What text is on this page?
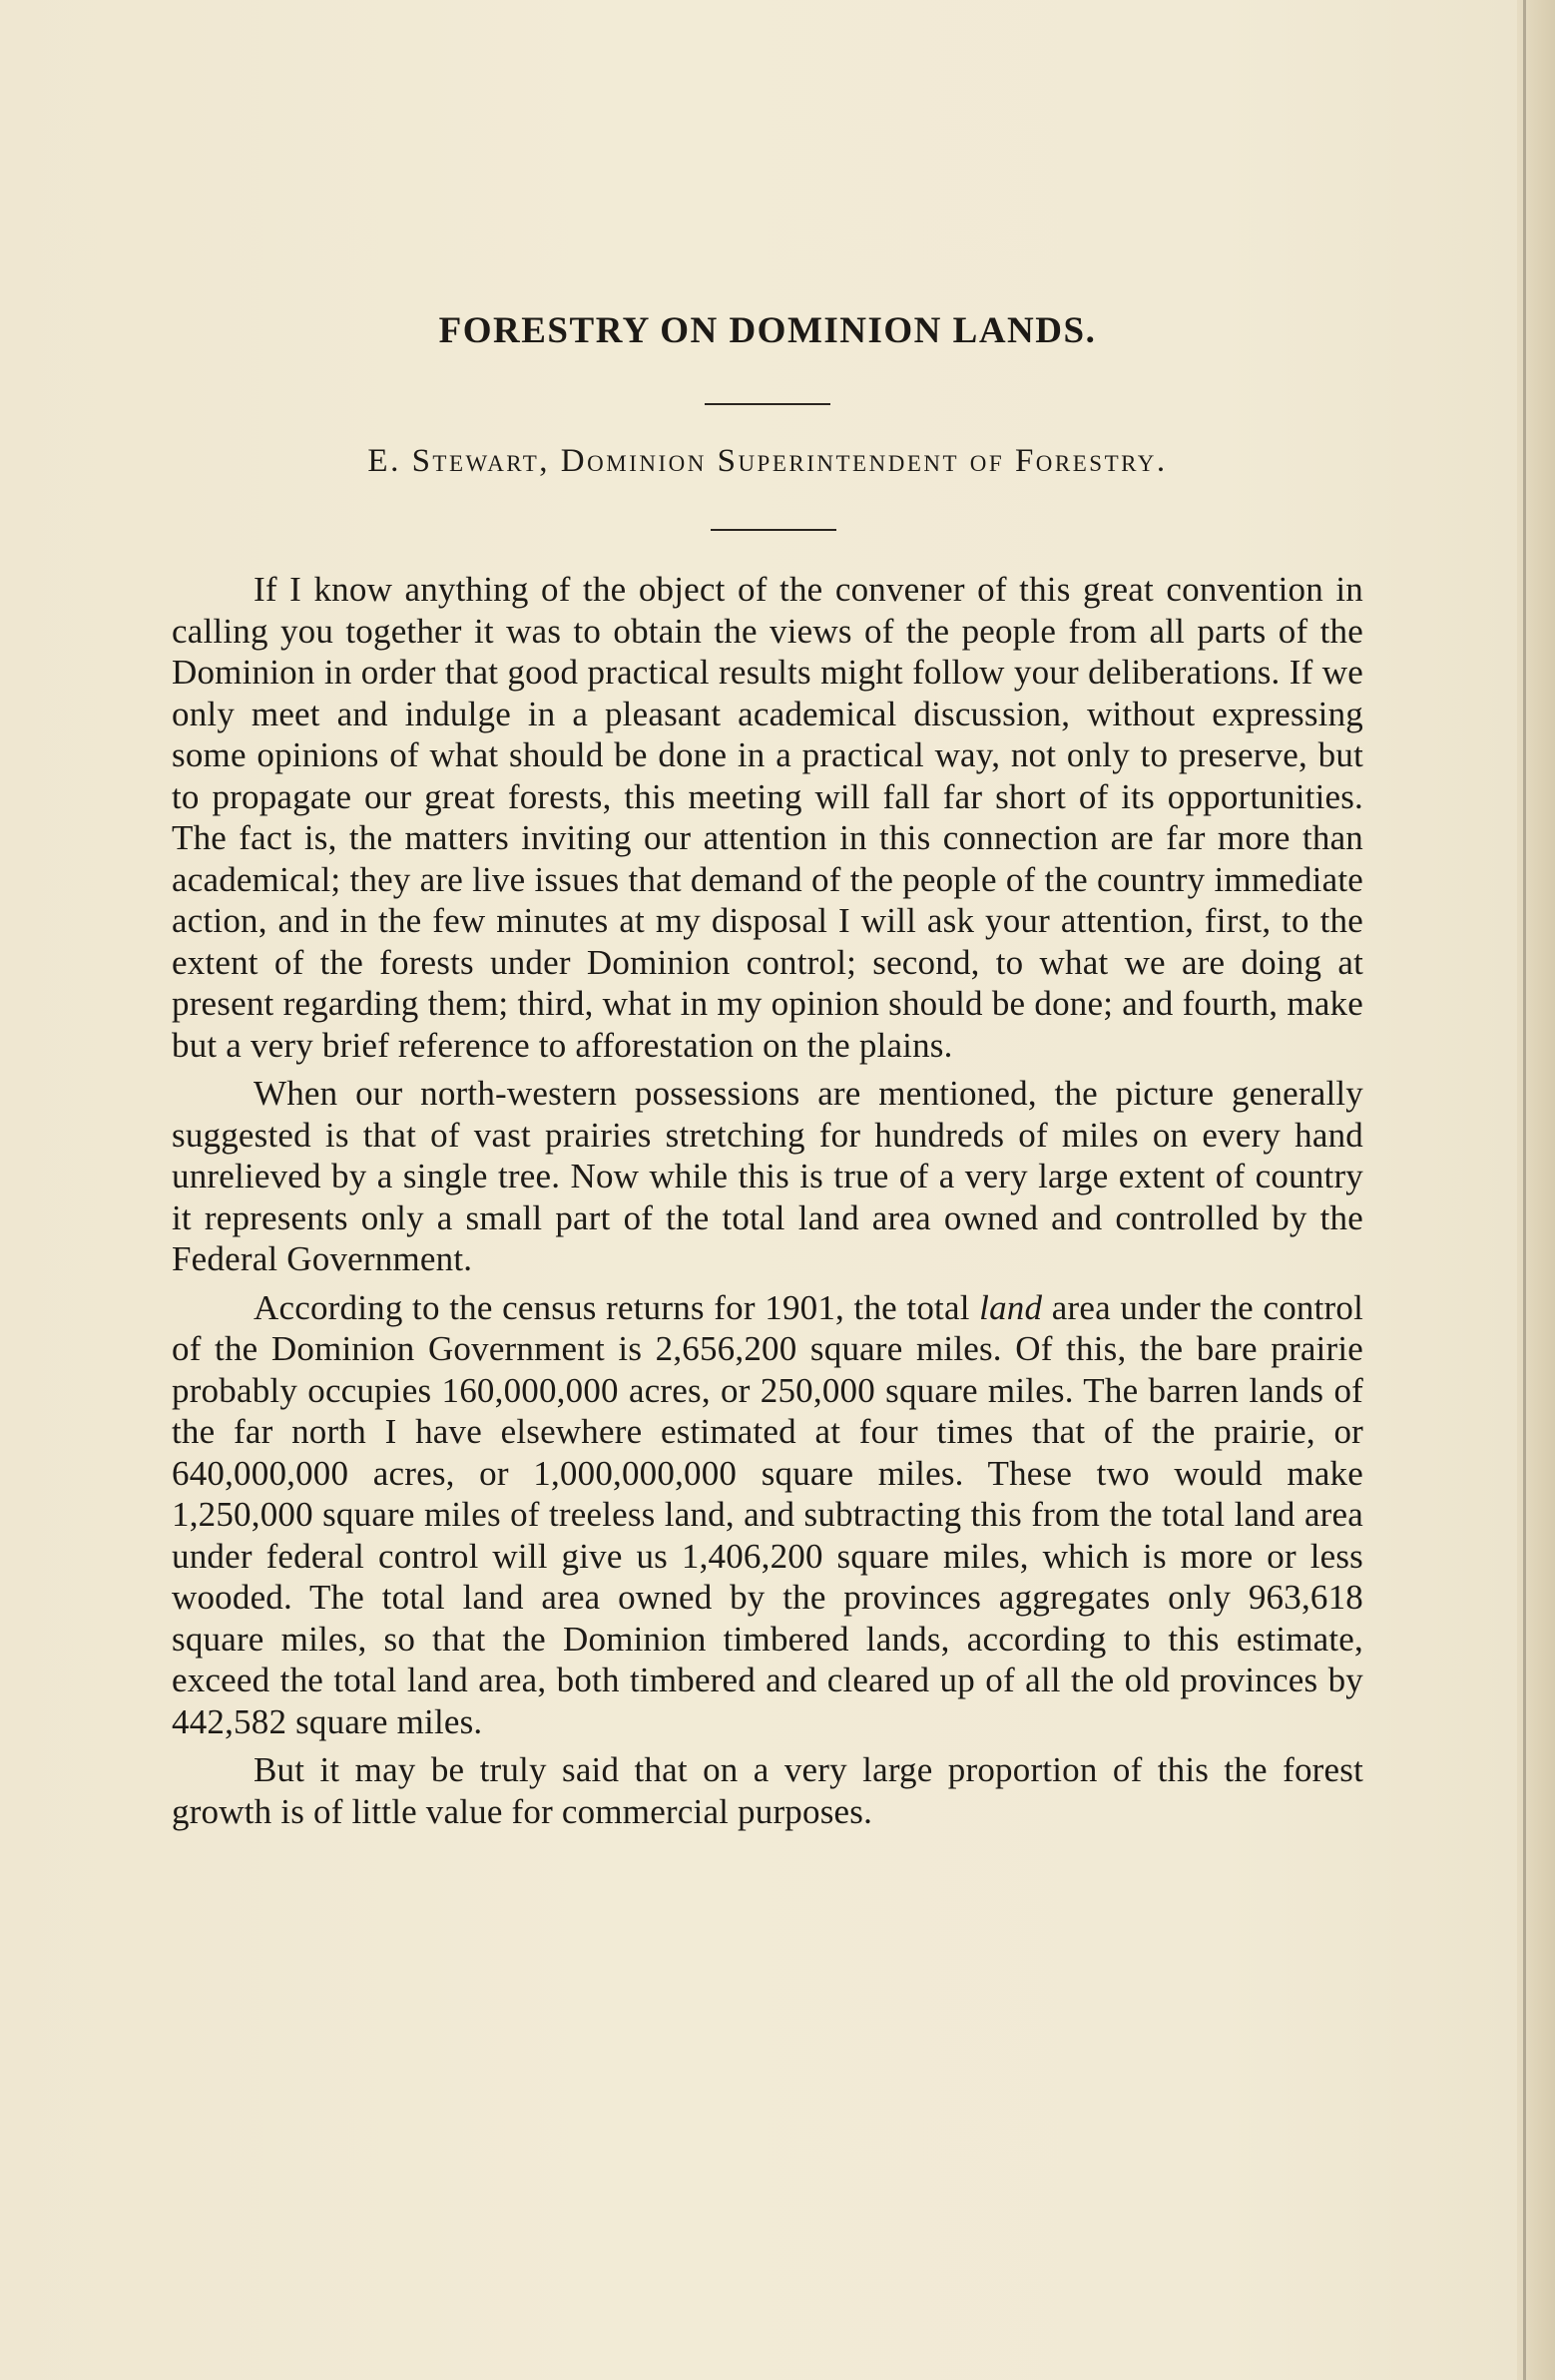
FORESTRY ON DOMINION LANDS.

E. Stewart, Dominion Superintendent of Forestry.

If I know anything of the object of the convener of this great convention in calling you together it was to obtain the views of the people from all parts of the Dominion in order that good practical results might follow your deliberations. If we only meet and indulge in a pleasant academical discussion, without expressing some opinions of what should be done in a practical way, not only to preserve, but to propagate our great forests, this meeting will fall far short of its opportunities. The fact is, the matters inviting our attention in this connection are far more than academical; they are live issues that demand of the people of the country immediate action, and in the few minutes at my disposal I will ask your attention, first, to the extent of the forests under Dominion control; second, to what we are doing at present regarding them; third, what in my opinion should be done; and fourth, make but a very brief reference to afforestation on the plains.

When our north-western possessions are mentioned, the picture generally suggested is that of vast prairies stretching for hundreds of miles on every hand unrelieved by a single tree. Now while this is true of a very large extent of country it represents only a small part of the total land area owned and controlled by the Federal Government.

According to the census returns for 1901, the total land area under the control of the Dominion Government is 2,656,200 square miles. Of this, the bare prairie probably occupies 160,000,000 acres, or 250,000 square miles. The barren lands of the far north I have elsewhere estimated at four times that of the prairie, or 640,000,000 acres, or 1,000,000,000 square miles. These two would make 1,250,000 square miles of treeless land, and subtracting this from the total land area under federal control will give us 1,406,200 square miles, which is more or less wooded. The total land area owned by the provinces aggregates only 963,618 square miles, so that the Dominion timbered lands, according to this estimate, exceed the total land area, both timbered and cleared up of all the old provinces by 442,582 square miles.

But it may be truly said that on a very large proportion of this the forest growth is of little value for commercial purposes.
